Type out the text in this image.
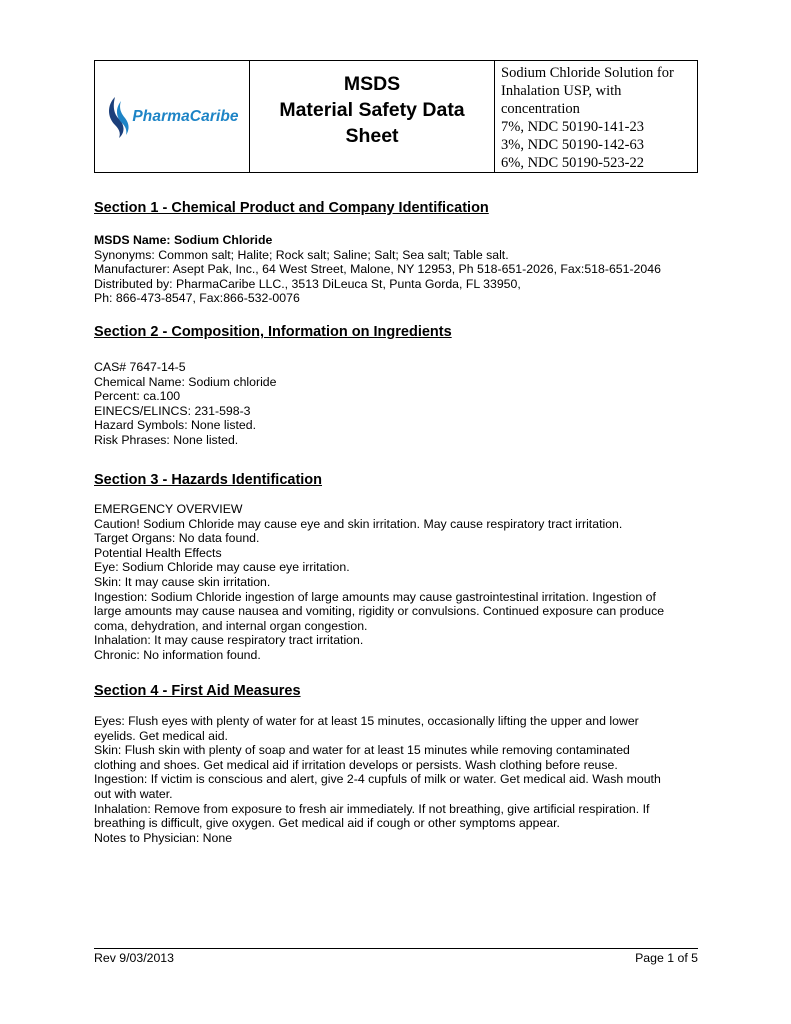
PharmaCaribe
MSDS
Material Safety Data
Sheet
Sodium Chloride Solution for
Inhalation USP, with
concentration
7%, NDC 50190-141-23
3%, NDC 50190-142-63
6%, NDC 50190-523-22
Section 1 - Chemical Product and Company Identification
MSDS Name: Sodium Chloride
Synonyms: Common salt; Halite; Rock salt; Saline; Salt; Sea salt; Table salt.
Manufacturer: Asept Pak, Inc., 64 West Street, Malone, NY 12953, Ph 518-651-2026, Fax:518-651-2046
Distributed by: PharmaCaribe LLC., 3513 DiLeuca St, Punta Gorda, FL 33950,
Ph: 866-473-8547, Fax:866-532-0076
Section 2 - Composition, Information on Ingredients
CAS# 7647-14-5
Chemical Name: Sodium chloride
Percent: ca.100
EINECS/ELINCS: 231-598-3
Hazard Symbols: None listed.
Risk Phrases: None listed.
Section 3 - Hazards Identification
EMERGENCY OVERVIEW
Caution! Sodium Chloride may cause eye and skin irritation. May cause respiratory tract irritation.
Target Organs: No data found.
Potential Health Effects
Eye: Sodium Chloride may cause eye irritation.
Skin: It may cause skin irritation.
Ingestion: Sodium Chloride ingestion of large amounts may cause gastrointestinal irritation. Ingestion of
large amounts may cause nausea and vomiting, rigidity or convulsions. Continued exposure can produce
coma, dehydration, and internal organ congestion.
Inhalation: It may cause respiratory tract irritation.
Chronic: No information found.
Section 4 - First Aid Measures
Eyes: Flush eyes with plenty of water for at least 15 minutes, occasionally lifting the upper and lower
eyelids. Get medical aid.
Skin: Flush skin with plenty of soap and water for at least 15 minutes while removing contaminated
clothing and shoes. Get medical aid if irritation develops or persists. Wash clothing before reuse.
Ingestion: If victim is conscious and alert, give 2-4 cupfuls of milk or water. Get medical aid. Wash mouth
out with water.
Inhalation: Remove from exposure to fresh air immediately. If not breathing, give artificial respiration. If
breathing is difficult, give oxygen. Get medical aid if cough or other symptoms appear.
Notes to Physician: None
Rev 9/03/2013	Page 1 of 5
